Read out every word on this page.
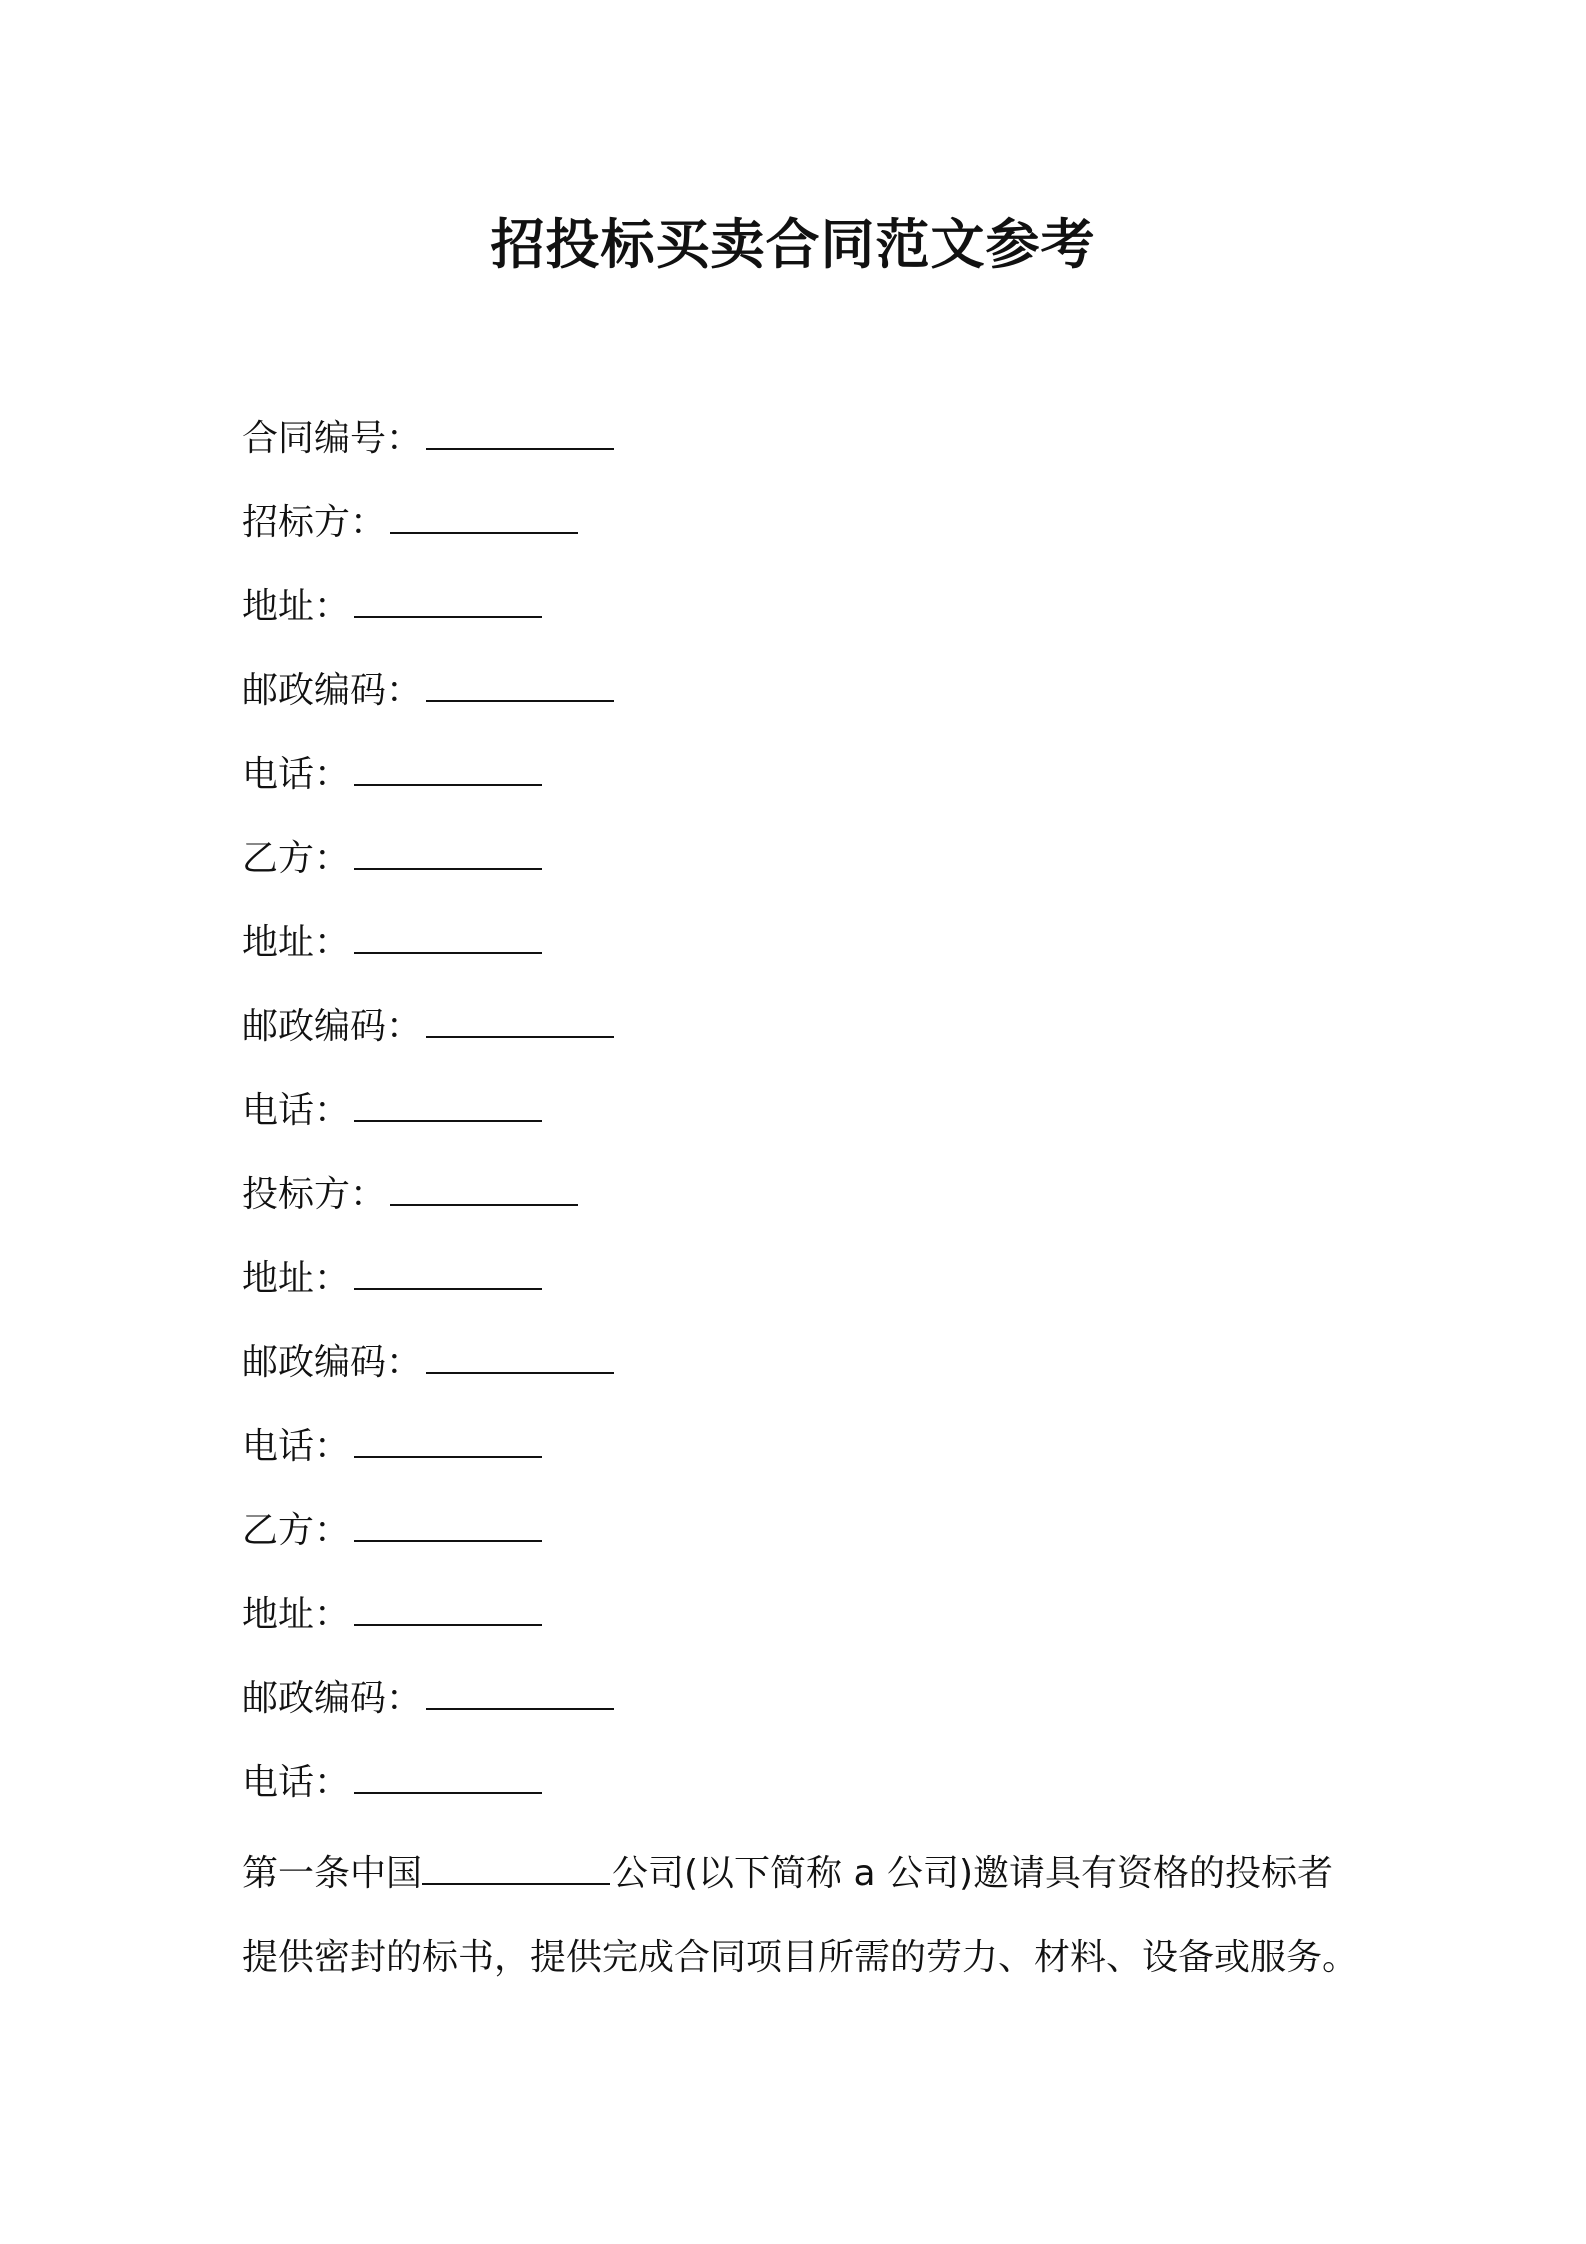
招投标买卖合同范文参考
合同编号：
招标方：
地址：
邮政编码：
电话：
乙方：
地址：
邮政编码：
电话：
投标方：
地址：
邮政编码：
电话：
乙方：
地址：
邮政编码：
电话：

第一条中国	公司(以下简称 a 公司)邀请具有资格的投标者
提供密封的标书，提供完成合同项目所需的劳力、材料、设备或服务。
